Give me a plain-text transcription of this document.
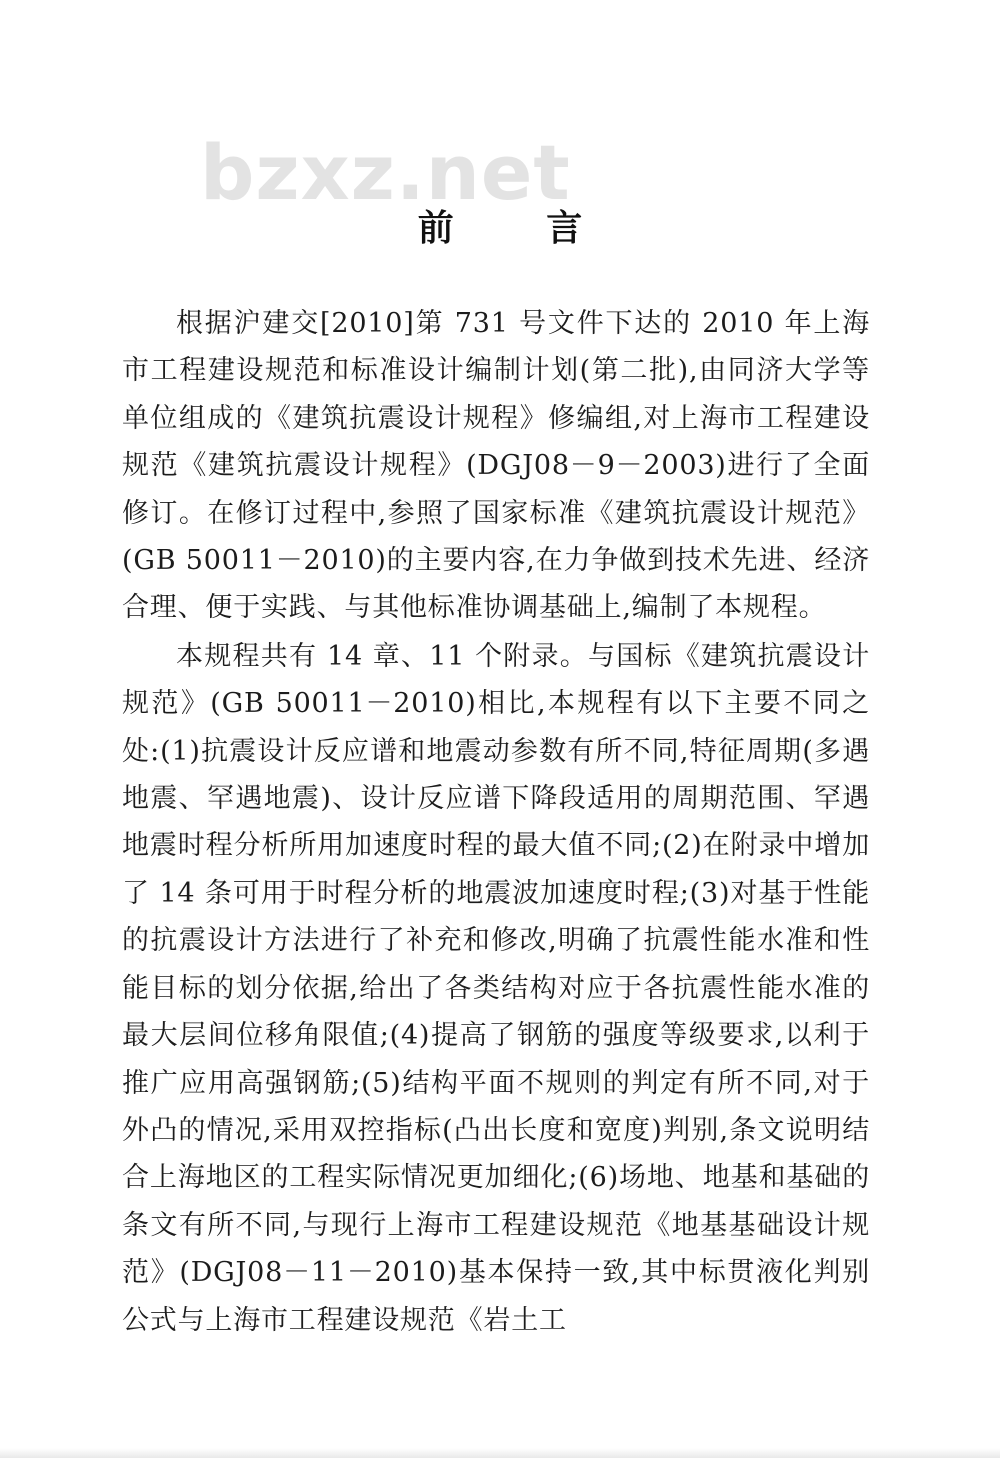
bzxz.net
前 言

根据沪建交[2010]第 731 号文件下达的 2010 年上海市工程建设规范和标准设计编制计划(第二批),由同济大学等单位组成的《建筑抗震设计规程》修编组,对上海市工程建设规范《建筑抗震设计规程》(DGJ08－9－2003)进行了全面修订。在修订过程中,参照了国家标准《建筑抗震设计规范》(GB 50011－2010)的主要内容,在力争做到技术先进、经济合理、便于实践、与其他标准协调基础上,编制了本规程。

本规程共有 14 章、11 个附录。与国标《建筑抗震设计规范》(GB 50011－2010)相比,本规程有以下主要不同之处:(1)抗震设计反应谱和地震动参数有所不同,特征周期(多遇地震、罕遇地震)、设计反应谱下降段适用的周期范围、罕遇地震时程分析所用加速度时程的最大值不同;(2)在附录中增加了 14 条可用于时程分析的地震波加速度时程;(3)对基于性能的抗震设计方法进行了补充和修改,明确了抗震性能水准和性能目标的划分依据,给出了各类结构对应于各抗震性能水准的最大层间位移角限值;(4)提高了钢筋的强度等级要求,以利于推广应用高强钢筋;(5)结构平面不规则的判定有所不同,对于外凸的情况,采用双控指标(凸出长度和宽度)判别,条文说明结合上海地区的工程实际情况更加细化;(6)场地、地基和基础的条文有所不同,与现行上海市工程建设规范《地基基础设计规范》(DGJ08－11－2010)基本保持一致,其中标贯液化判别公式与上海市工程建设规范《岩土工
